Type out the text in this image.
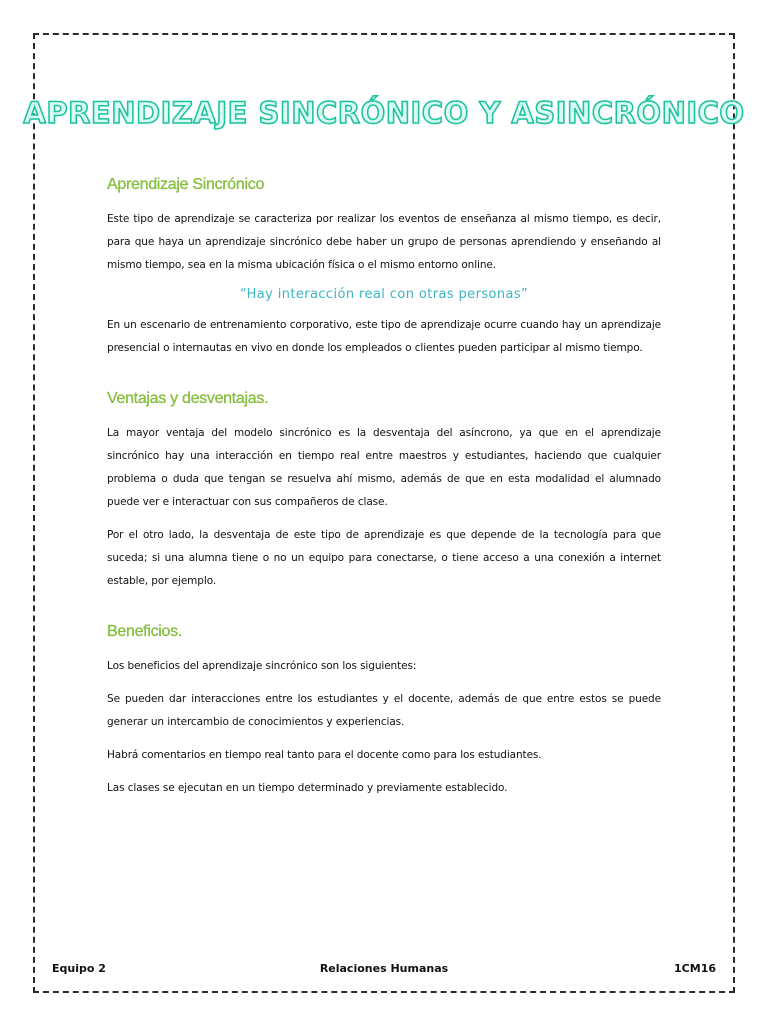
APRENDIZAJE SINCRÓNICO Y ASINCRÓNICO
Aprendizaje Sincrónico

Este tipo de aprendizaje se caracteriza por realizar los eventos de enseñanza al mismo tiempo, es decir, para que haya un aprendizaje sincrónico debe haber un grupo de personas aprendiendo y enseñando al mismo tiempo, sea en la misma ubicación física o el mismo entorno online.

“Hay interacción real con otras personas”

En un escenario de entrenamiento corporativo, este tipo de aprendizaje ocurre cuando hay un aprendizaje presencial o internautas en vivo en donde los empleados o clientes pueden participar al mismo tiempo.

Ventajas y desventajas.

La mayor ventaja del modelo sincrónico es la desventaja del asíncrono, ya que en el aprendizaje sincrónico hay una interacción en tiempo real entre maestros y estudiantes, haciendo que cualquier problema o duda que tengan se resuelva ahí mismo, además de que en esta modalidad el alumnado puede ver e interactuar con sus compañeros de clase.

Por el otro lado, la desventaja de este tipo de aprendizaje es que depende de la tecnología para que suceda; si una alumna tiene o no un equipo para conectarse, o tiene acceso a una conexión a internet estable, por ejemplo.

Beneficios.

Los beneficios del aprendizaje sincrónico son los siguientes:

Se pueden dar interacciones entre los estudiantes y el docente, además de que entre estos se puede generar un intercambio de conocimientos y experiencias.

Habrá comentarios en tiempo real tanto para el docente como para los estudiantes.

Las clases se ejecutan en un tiempo determinado y previamente establecido.

Equipo 2	Relaciones Humanas	1CM16
